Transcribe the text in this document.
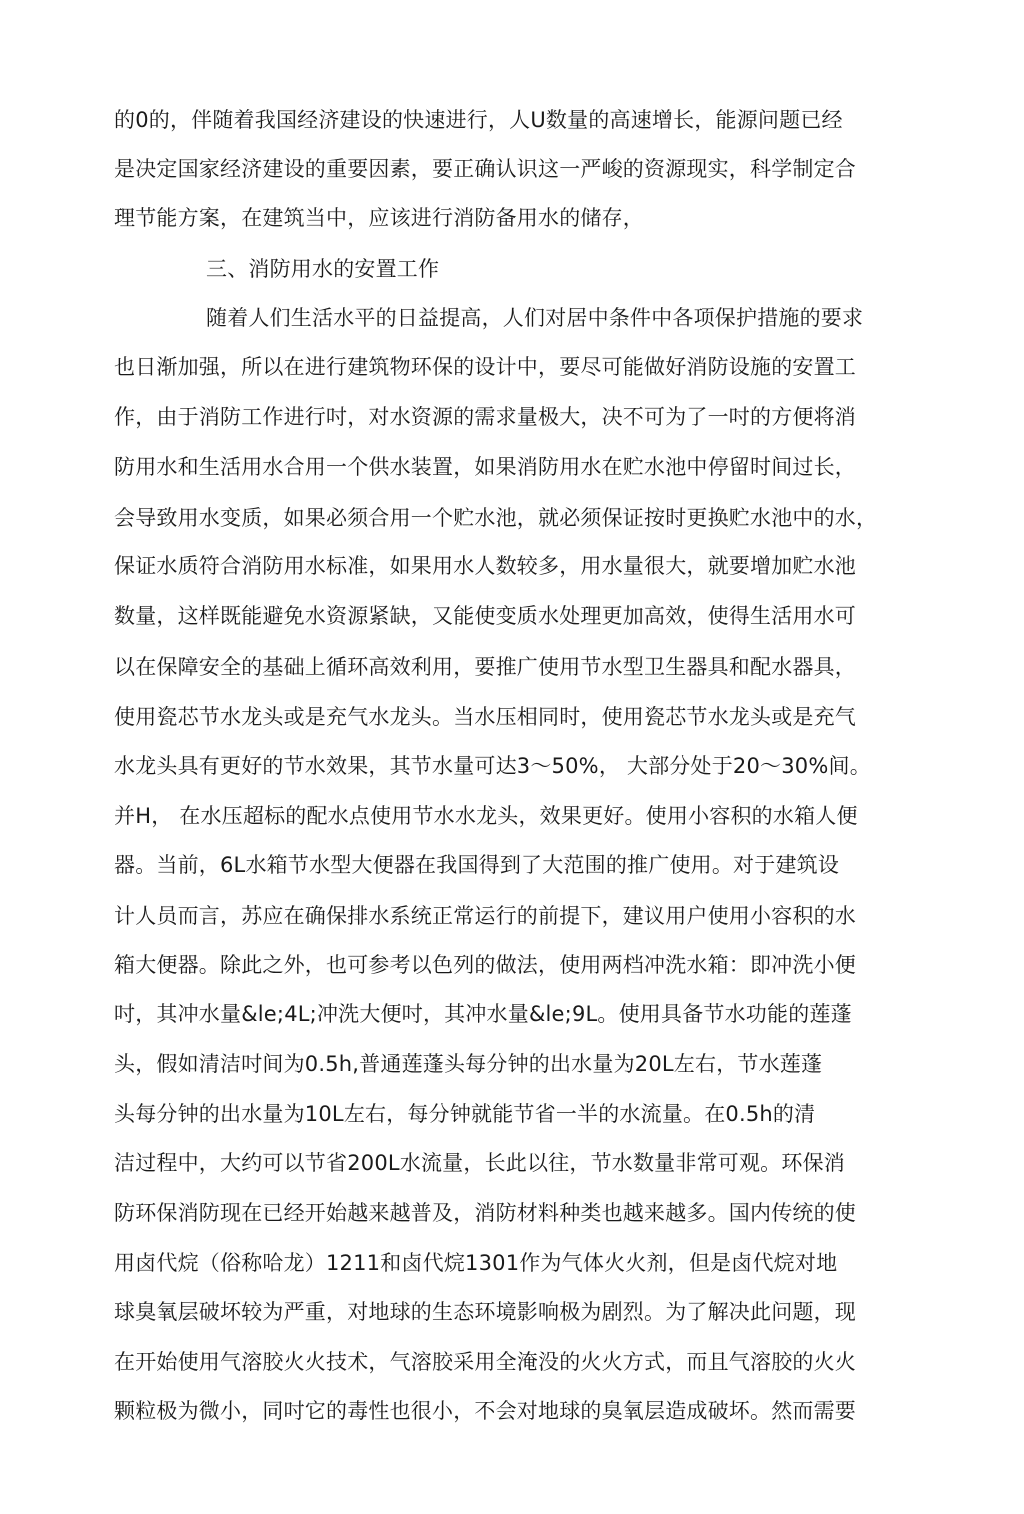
的0的，伴随着我国经济建设的快速进行，人U数量的高速增长，能源问题已经
是决定国家经济建设的重要因素，要正确认识这一严峻的资源现实，科学制定合
理节能方案，在建筑当中，应该进行消防备用水的储存，
三、消防用水的安置工作
随着人们生活水平的日益提高，人们对居中条件中各项保护措施的要求
也日渐加强，所以在进行建筑物环保的设计中，要尽可能做好消防设施的安置工
作，由于消防工作进行吋，对水资源的需求量极大，决不可为了一吋的方便将消
防用水和生活用水合用一个供水装置，如果消防用水在贮水池中停留时间过长，
会导致用水变质，如果必须合用一个贮水池，就必须保证按时更换贮水池中的水，
保证水质符合消防用水标准，如果用水人数较多，用水量很大，就要增加贮水池
数量，这样既能避免水资源紧缺，又能使变质水处理更加高效，使得生活用水可
以在保障安全的基础上循环高效利用，要推广使用节水型卫生器具和配水器具，
使用瓷芯节水龙头或是充气水龙头。当水压相同时，使用瓷芯节水龙头或是充气
水龙头具有更好的节水效果，其节水量可达3～50%， 大部分处于20～30%间。
并H， 在水压超标的配水点使用节水水龙头，效果更好。使用小容积的水箱人便
器。当前，6L水箱节水型大便器在我国得到了大范围的推广使用。对于建筑设
计人员而言，苏应在确保排水系统正常运行的前提下，建议用户使用小容积的水
箱大便器。除此之外，也可参考以色列的做法，使用两档冲洗水箱：即冲洗小便
吋，其冲水量&le;4L;冲洗大便吋，其冲水量&le;9L。使用具备节水功能的莲蓬
头，假如清洁吋间为0.5h,普通莲蓬头每分钟的出水量为20L左右，节水莲蓬
头每分钟的出水量为10L左右，每分钟就能节省一半的水流量。在0.5h的清
洁过程中，大约可以节省200L水流量，长此以往，节水数量非常可观。环保消
防环保消防现在已经开始越来越普及，消防材料种类也越来越多。国内传统的使
用卤代烷（俗称哈龙）1211和卤代烷1301作为气体火火剂，但是卤代烷对地
球臭氧层破坏较为严重，对地球的生态环境影响极为剧烈。为了解决此问题，现
在开始使用气溶胶火火技术，气溶胶采用全淹没的火火方式，而且气溶胶的火火
颗粒极为微小，同吋它的毒性也很小，不会对地球的臭氧层造成破坏。然而需要
